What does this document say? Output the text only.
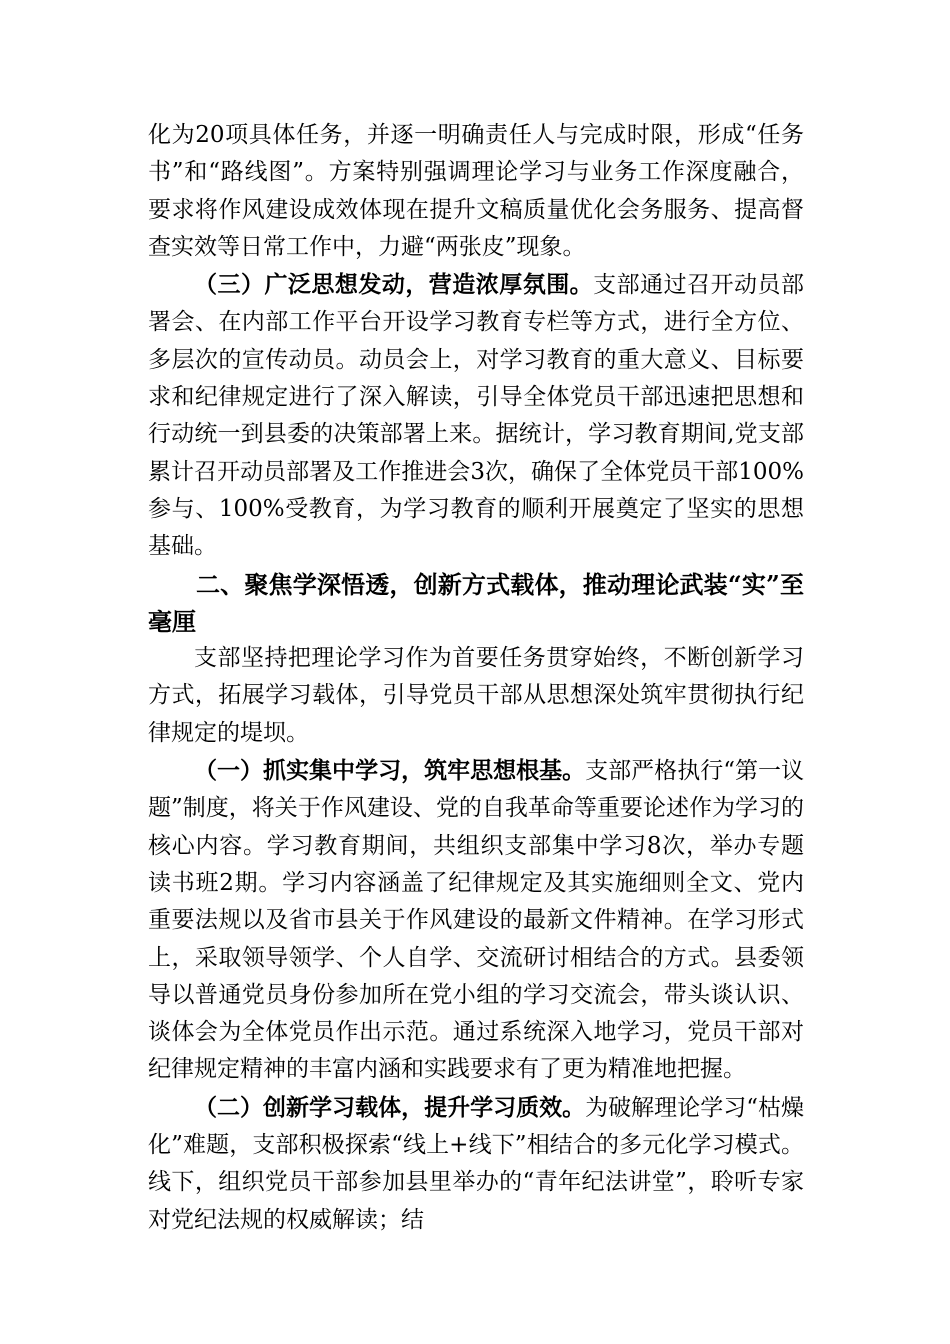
化为20项具体任务，并逐一明确责任人与完成时限，形成“任务书”和“路线图”。方案特别强调理论学习与业务工作深度融合，要求将作风建设成效体现在提升文稿质量优化会务服务、提高督查实效等日常工作中，力避“两张皮”现象。

（三）广泛思想发动，营造浓厚氛围。支部通过召开动员部署会、在内部工作平台开设学习教育专栏等方式，进行全方位、多层次的宣传动员。动员会上，对学习教育的重大意义、目标要求和纪律规定进行了深入解读，引导全体党员干部迅速把思想和行动统一到县委的决策部署上来。据统计，学习教育期间,党支部累计召开动员部署及工作推进会3次，确保了全体党员干部100%参与、100%受教育，为学习教育的顺利开展奠定了坚实的思想基础。

二、聚焦学深悟透，创新方式载体，推动理论武装“实”至毫厘

支部坚持把理论学习作为首要任务贯穿始终，不断创新学习方式，拓展学习载体，引导党员干部从思想深处筑牢贯彻执行纪律规定的堤坝。

（一）抓实集中学习，筑牢思想根基。支部严格执行“第一议题”制度，将关于作风建设、党的自我革命等重要论述作为学习的核心内容。学习教育期间，共组织支部集中学习8次，举办专题读书班2期。学习内容涵盖了纪律规定及其实施细则全文、党内重要法规以及省市县关于作风建设的最新文件精神。在学习形式上，采取领导领学、个人自学、交流研讨相结合的方式。县委领导以普通党员身份参加所在党小组的学习交流会，带头谈认识、谈体会为全体党员作出示范。通过系统深入地学习，党员干部对纪律规定精神的丰富内涵和实践要求有了更为精准地把握。

（二）创新学习载体，提升学习质效。为破解理论学习“枯燥化”难题，支部积极探索“线上+线下”相结合的多元化学习模式。线下，组织党员干部参加县里举办的“青年纪法讲堂”，聆听专家对党纪法规的权威解读；结
